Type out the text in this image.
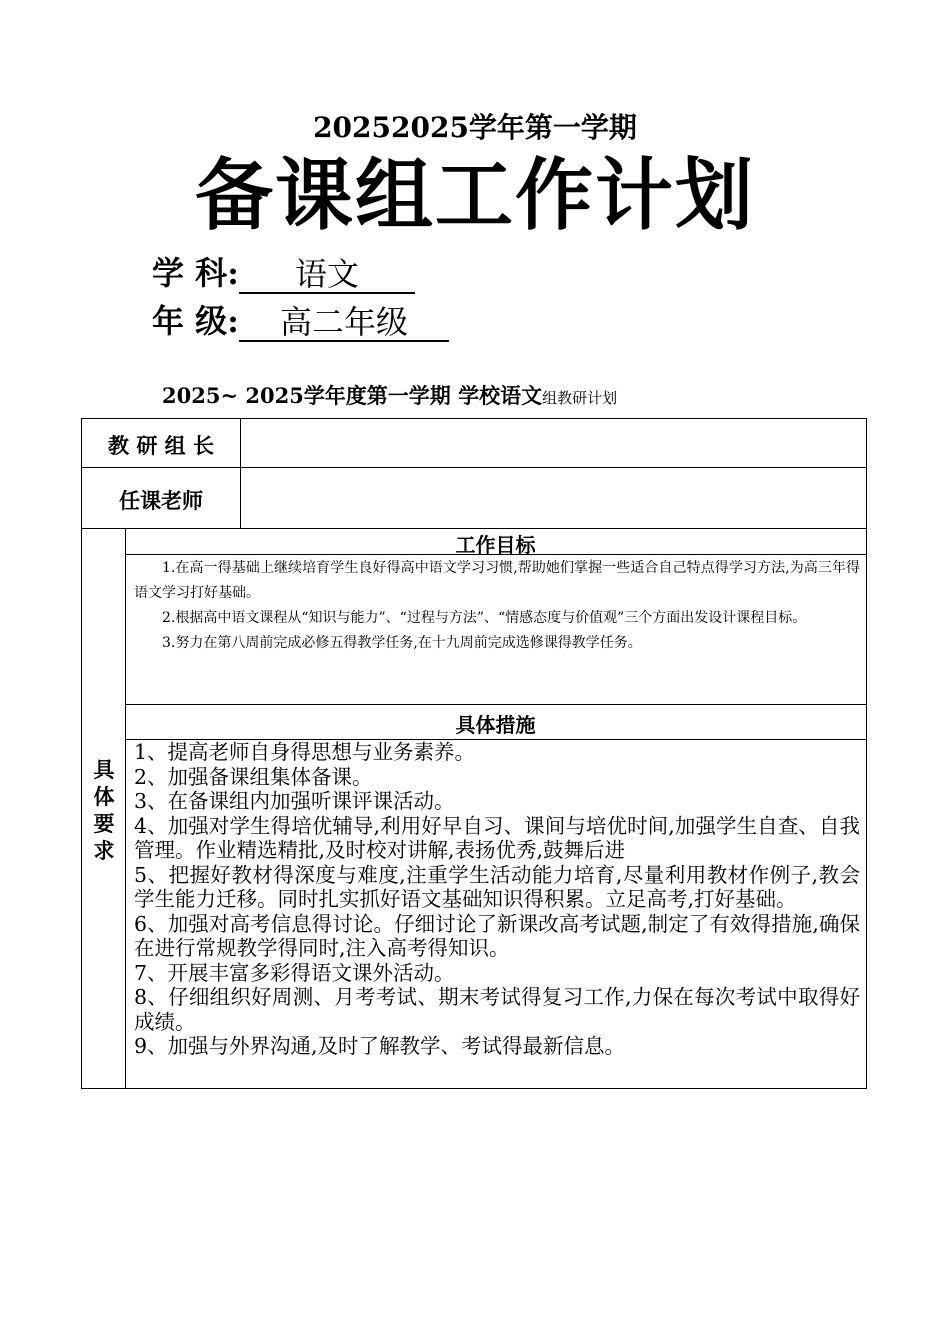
20252025学年第一学期
备课组工作计划
学 科:	语文
年 级:	高二年级
2025~ 2025学年度第一学期 学校语文组教研计划
教 研 组 长
任课老师
具体要求
工作目标

1.在高一得基础上继续培育学生良好得高中语文学习习惯,帮助她们掌握一些适合自己特点得学习方法,为高三年得语文学习打好基础。

2.根据高中语文课程从“知识与能力”、“过程与方法”、“情感态度与价值观”三个方面出发设计课程目标。

3.努力在第八周前完成必修五得教学任务,在十九周前完成选修课得教学任务。

具体措施

1、提高老师自身得思想与业务素养。

2、加强备课组集体备课。

3、在备课组内加强听课评课活动。

4、加强对学生得培优辅导,利用好早自习、课间与培优时间,加强学生自查、自我管理。作业精选精批,及时校对讲解,表扬优秀,鼓舞后进

5、把握好教材得深度与难度,注重学生活动能力培育,尽量利用教材作例子,教会学生能力迁移。同时扎实抓好语文基础知识得积累。立足高考,打好基础。

6、加强对高考信息得讨论。仔细讨论了新课改高考试题,制定了有效得措施,确保在进行常规教学得同时,注入高考得知识。

7、开展丰富多彩得语文课外活动。

8、仔细组织好周测、月考考试、期末考试得复习工作,力保在每次考试中取得好成绩。

9、加强与外界沟通,及时了解教学、考试得最新信息。
